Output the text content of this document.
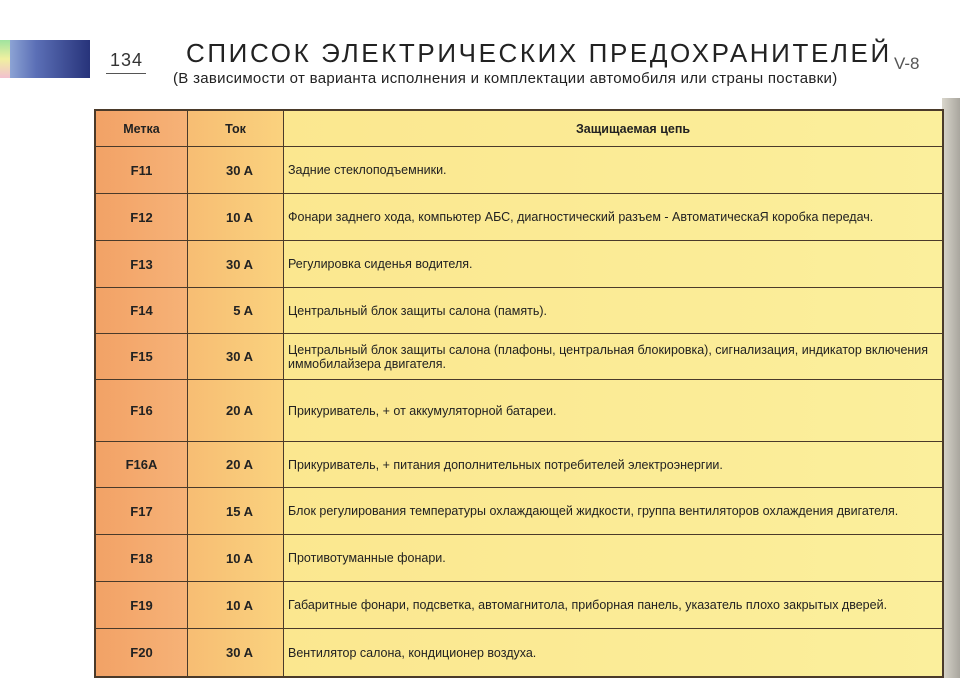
134 СПИСОК ЭЛЕКТРИЧЕСКИХ ПРЕДОХРАНИТЕЛЕЙ
(В зависимости от варианта исполнения и комплектации автомобиля или страны поставки)
V-8
Метка	Ток	Защищаемая цепь
F11	30 A	Задние стеклоподъемники.
F12	10 A	Фонари заднего хода, компьютер АБС, диагностический разъем - АвтоматическаЯ коробка передач.
F13	30 A	Регулировка сиденья водителя.
F14	5 A	Центральный блок защиты салона (память).
F15	30 A	Центральный блок защиты салона (плафоны, центральная блокировка), сигнализация, индикатор включения иммобилайзера двигателя.
F16	20 A	Прикуриватель, + от аккумуляторной батареи.
F16A	20 A	Прикуриватель, + питания дополнительных потребителей электроэнергии.
F17	15 A	Блок регулирования температуры охлаждающей жидкости, группа вентиляторов охлаждения двигателя.
F18	10 A	Противотуманные фонари.
F19	10 A	Габаритные фонари, подсветка, автомагнитола, приборная панель, указатель плохо закрытых дверей.
F20	30 A	Вентилятор салона, кондиционер воздуха.
